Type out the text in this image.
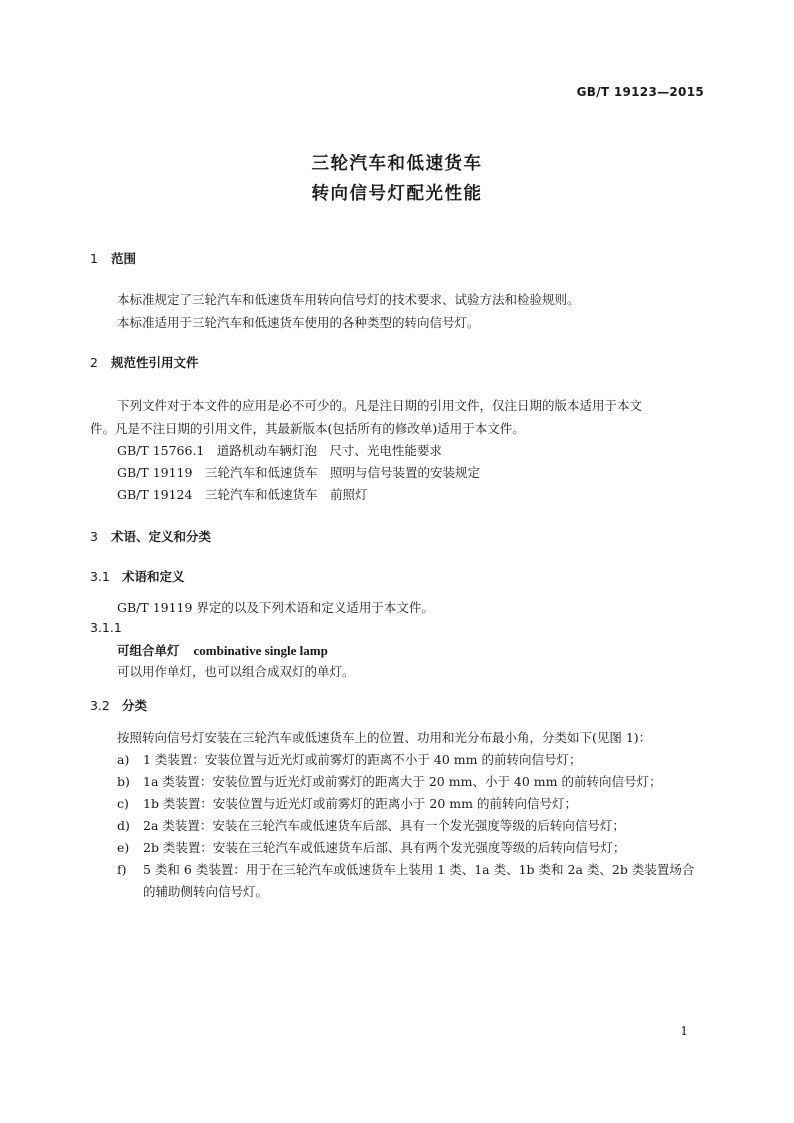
GB/T 19123—2015
三轮汽车和低速货车
转向信号灯配光性能
1 范围
本标准规定了三轮汽车和低速货车用转向信号灯的技术要求、试验方法和检验规则。
本标准适用于三轮汽车和低速货车使用的各种类型的转向信号灯。
2 规范性引用文件
下列文件对于本文件的应用是必不可少的。凡是注日期的引用文件，仅注日期的版本适用于本文
件。凡是不注日期的引用文件，其最新版本(包括所有的修改单)适用于本文件。
GB/T 15766.1　道路机动车辆灯泡　尺寸、光电性能要求
GB/T 19119　三轮汽车和低速货车　照明与信号装置的安装规定
GB/T 19124　三轮汽车和低速货车　前照灯
3 术语、定义和分类
3.1 术语和定义
GB/T 19119 界定的以及下列术语和定义适用于本文件。
3.1.1
可组合单灯 combinative single lamp
可以用作单灯，也可以组合成双灯的单灯。
3.2 分类
按照转向信号灯安装在三轮汽车或低速货车上的位置、功用和光分布最小角，分类如下(见图 1)：
a) 1 类装置：安装位置与近光灯或前雾灯的距离不小于 40 mm 的前转向信号灯；
b) 1a 类装置：安装位置与近光灯或前雾灯的距离大于 20 mm、小于 40 mm 的前转向信号灯；
c) 1b 类装置：安装位置与近光灯或前雾灯的距离小于 20 mm 的前转向信号灯；
d) 2a 类装置：安装在三轮汽车或低速货车后部、具有一个发光强度等级的后转向信号灯；
e) 2b 类装置：安装在三轮汽车或低速货车后部、具有两个发光强度等级的后转向信号灯；
f) 5 类和 6 类装置：用于在三轮汽车或低速货车上装用 1 类、1a 类、1b 类和 2a 类、2b 类装置场合
的辅助侧转向信号灯。
1
